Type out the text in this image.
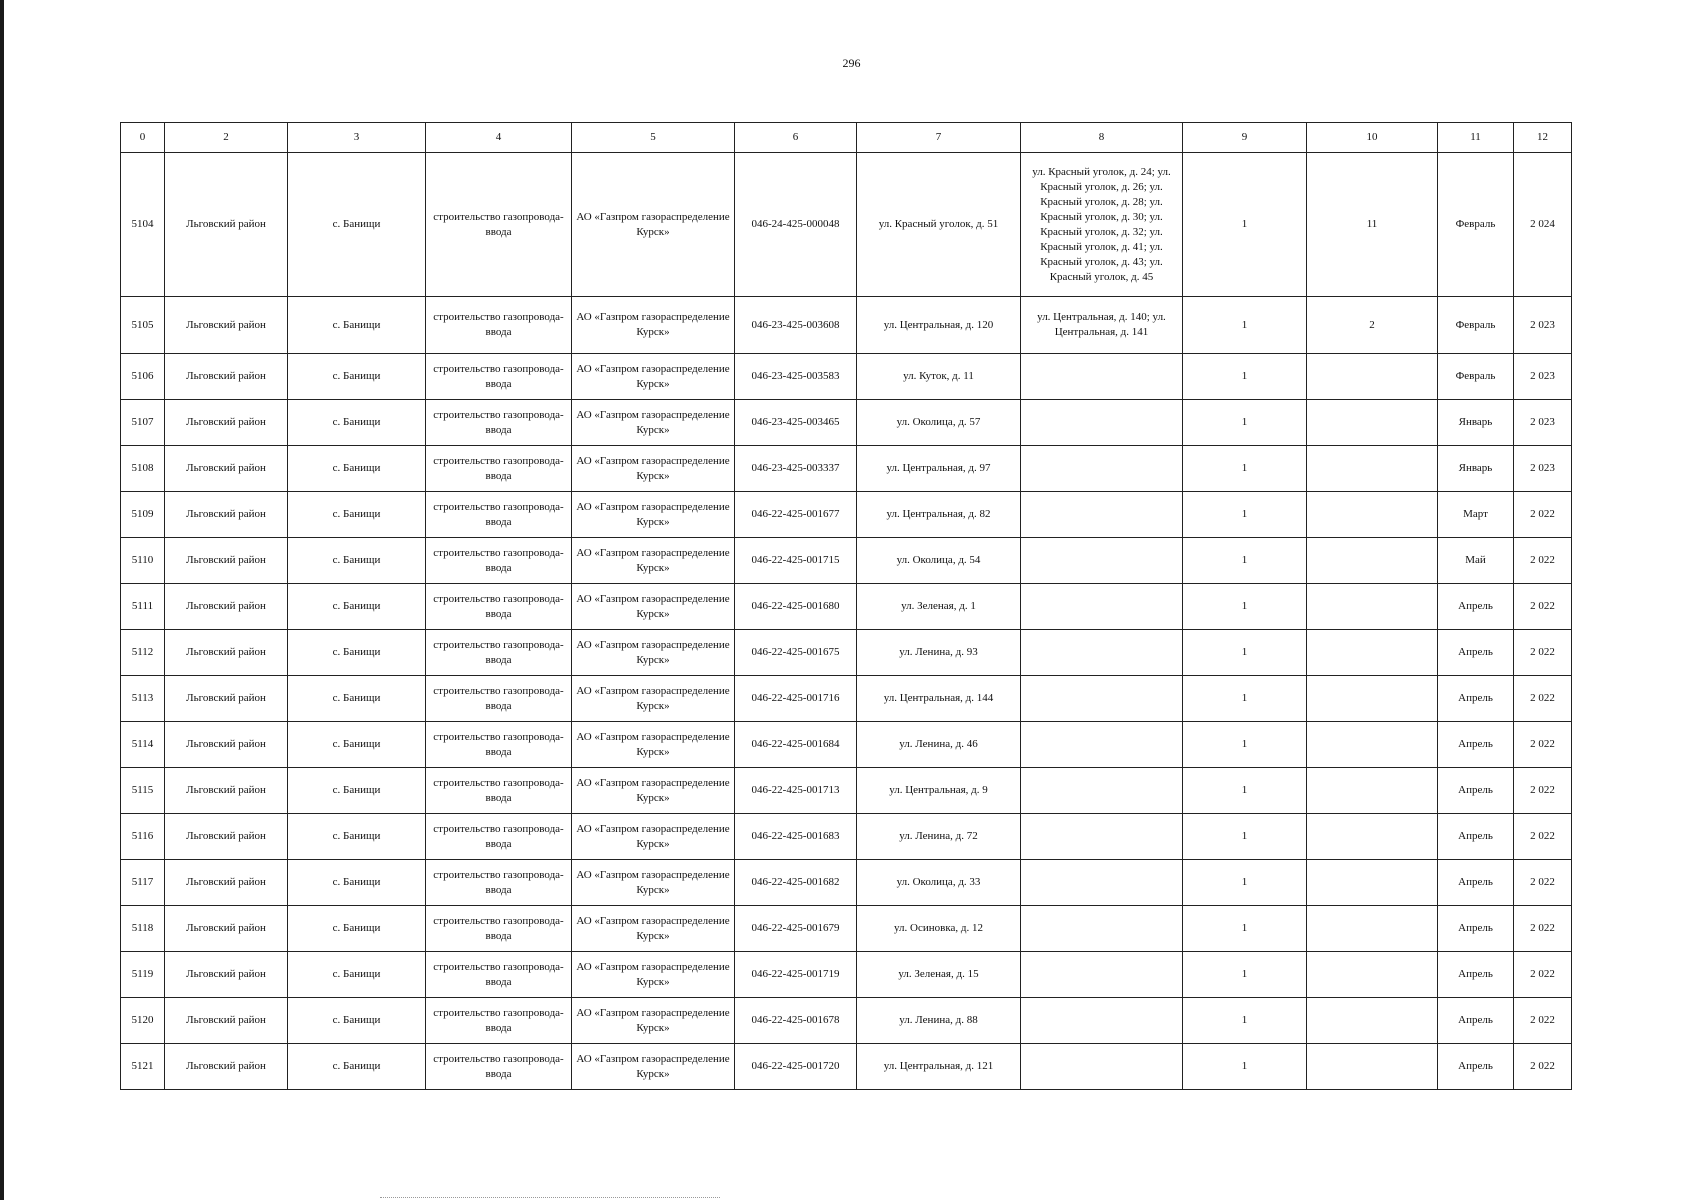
296
0	2	3	4	5	6	7	8	9	10	11	12
5104	Льговский район	с. Банищи	строительство газопровода-ввода	АО «Газпром газораспределение Курск»	046-24-425-000048	ул. Красный уголок, д. 51	ул. Красный уголок, д. 24; ул. Красный уголок, д. 26; ул. Красный уголок, д. 28; ул. Красный уголок, д. 30; ул. Красный уголок, д. 32; ул. Красный уголок, д. 41; ул. Красный уголок, д. 43; ул. Красный уголок, д. 45	1	11	Февраль	2 024
5105	Льговский район	с. Банищи	строительство газопровода-ввода	АО «Газпром газораспределение Курск»	046-23-425-003608	ул. Центральная, д. 120	ул. Центральная, д. 140; ул. Центральная, д. 141	1	2	Февраль	2 023
5106	Льговский район	с. Банищи	строительство газопровода-ввода	АО «Газпром газораспределение Курск»	046-23-425-003583	ул. Куток, д. 11		1		Февраль	2 023
5107	Льговский район	с. Банищи	строительство газопровода-ввода	АО «Газпром газораспределение Курск»	046-23-425-003465	ул. Околица, д. 57		1		Январь	2 023
5108	Льговский район	с. Банищи	строительство газопровода-ввода	АО «Газпром газораспределение Курск»	046-23-425-003337	ул. Центральная, д. 97		1		Январь	2 023
5109	Льговский район	с. Банищи	строительство газопровода-ввода	АО «Газпром газораспределение Курск»	046-22-425-001677	ул. Центральная, д. 82		1		Март	2 022
5110	Льговский район	с. Банищи	строительство газопровода-ввода	АО «Газпром газораспределение Курск»	046-22-425-001715	ул. Околица, д. 54		1		Май	2 022
5111	Льговский район	с. Банищи	строительство газопровода-ввода	АО «Газпром газораспределение Курск»	046-22-425-001680	ул. Зеленая, д. 1		1		Апрель	2 022
5112	Льговский район	с. Банищи	строительство газопровода-ввода	АО «Газпром газораспределение Курск»	046-22-425-001675	ул. Ленина, д. 93		1		Апрель	2 022
5113	Льговский район	с. Банищи	строительство газопровода-ввода	АО «Газпром газораспределение Курск»	046-22-425-001716	ул. Центральная, д. 144		1		Апрель	2 022
5114	Льговский район	с. Банищи	строительство газопровода-ввода	АО «Газпром газораспределение Курск»	046-22-425-001684	ул. Ленина, д. 46		1		Апрель	2 022
5115	Льговский район	с. Банищи	строительство газопровода-ввода	АО «Газпром газораспределение Курск»	046-22-425-001713	ул. Центральная, д. 9		1		Апрель	2 022
5116	Льговский район	с. Банищи	строительство газопровода-ввода	АО «Газпром газораспределение Курск»	046-22-425-001683	ул. Ленина, д. 72		1		Апрель	2 022
5117	Льговский район	с. Банищи	строительство газопровода-ввода	АО «Газпром газораспределение Курск»	046-22-425-001682	ул. Околица, д. 33		1		Апрель	2 022
5118	Льговский район	с. Банищи	строительство газопровода-ввода	АО «Газпром газораспределение Курск»	046-22-425-001679	ул. Осиновка, д. 12		1		Апрель	2 022
5119	Льговский район	с. Банищи	строительство газопровода-ввода	АО «Газпром газораспределение Курск»	046-22-425-001719	ул. Зеленая, д. 15		1		Апрель	2 022
5120	Льговский район	с. Банищи	строительство газопровода-ввода	АО «Газпром газораспределение Курск»	046-22-425-001678	ул. Ленина, д. 88		1		Апрель	2 022
5121	Льговский район	с. Банищи	строительство газопровода-ввода	АО «Газпром газораспределение Курск»	046-22-425-001720	ул. Центральная, д. 121		1		Апрель	2 022
